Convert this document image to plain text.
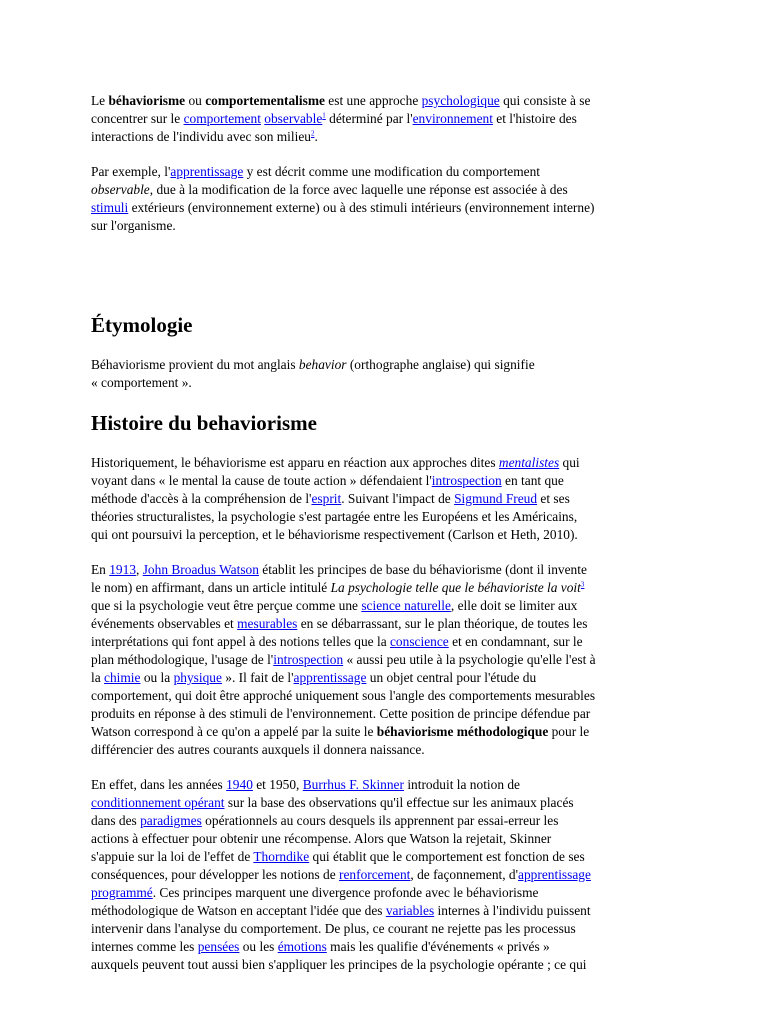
Le béhaviorisme ou comportementalisme est une approche psychologique qui consiste à se
concentrer sur le comportement observable$^1$ déterminé par l'environnement et l'histoire des
interactions de l'individu avec son milieu$^2$.
Par exemple, l'apprentissage y est décrit comme une modification du comportement
observable, due à la modification de la force avec laquelle une réponse est associée à des
stimuli extérieurs (environnement externe) ou à des stimuli intérieurs (environnement interne)
sur l'organisme.
Étymologie
Béhaviorisme provient du mot anglais behavior (orthographe anglaise) qui signifie
« comportement ».
Histoire du behaviorisme
Historiquement, le béhaviorisme est apparu en réaction aux approches dites mentalistes qui
voyant dans « le mental la cause de toute action » défendaient l'introspection en tant que
méthode d'accès à la compréhension de l'esprit. Suivant l'impact de Sigmund Freud et ses
théories structuralistes, la psychologie s'est partagée entre les Européens et les Américains,
qui ont poursuivi la perception, et le béhaviorisme respectivement (Carlson et Heth, 2010).
En 1913, John Broadus Watson établit les principes de base du béhaviorisme (dont il invente
le nom) en affirmant, dans un article intitulé La psychologie telle que le béhavioriste la voit$^3$
que si la psychologie veut être perçue comme une science naturelle, elle doit se limiter aux
événements observables et mesurables en se débarrassant, sur le plan théorique, de toutes les
interprétations qui font appel à des notions telles que la conscience et en condamnant, sur le
plan méthodologique, l'usage de l'introspection « aussi peu utile à la psychologie qu'elle l'est à
la chimie ou la physique ». Il fait de l'apprentissage un objet central pour l'étude du
comportement, qui doit être approché uniquement sous l'angle des comportements mesurables
produits en réponse à des stimuli de l'environnement. Cette position de principe défendue par
Watson correspond à ce qu'on a appelé par la suite le béhaviorisme méthodologique pour le
différencier des autres courants auxquels il donnera naissance.
En effet, dans les années 1940 et 1950, Burrhus F. Skinner introduit la notion de
conditionnement opérant sur la base des observations qu'il effectue sur les animaux placés
dans des paradigmes opérationnels au cours desquels ils apprennent par essai-erreur les
actions à effectuer pour obtenir une récompense. Alors que Watson la rejetait, Skinner
s'appuie sur la loi de l'effet de Thorndike qui établit que le comportement est fonction de ses
conséquences, pour développer les notions de renforcement, de façonnement, d'apprentissage
programmé. Ces principes marquent une divergence profonde avec le béhaviorisme
méthodologique de Watson en acceptant l'idée que des variables internes à l'individu puissent
intervenir dans l'analyse du comportement. De plus, ce courant ne rejette pas les processus
internes comme les pensées ou les émotions mais les qualifie d'événements « privés »
auxquels peuvent tout aussi bien s'appliquer les principes de la psychologie opérante ; ce qui
